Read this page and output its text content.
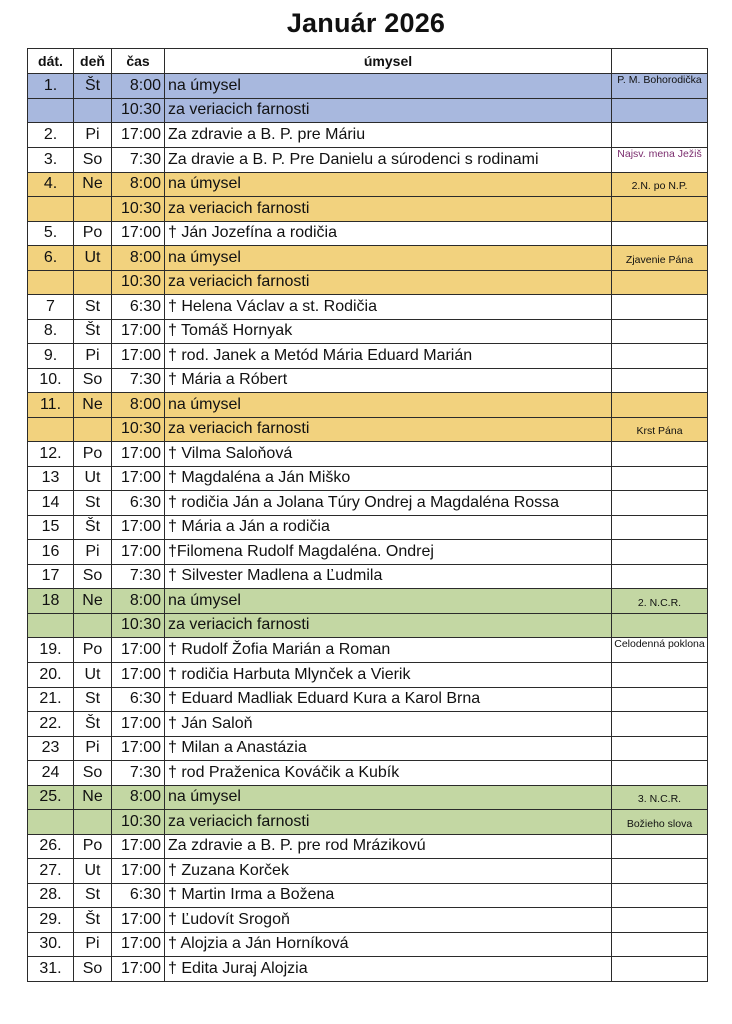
Január 2026
dát.	deň	čas	úmysel	
1.	Št	8:00	na úmysel	P. M. Bohorodička

		10:30	za veriacich farnosti	

2.	Pi	17:00	Za zdravie a B. P. pre Máriu	

3.	So	7:30	Za dravie a B. P. Pre Danielu a súrodenci s rodinami	Najsv. mena Ježiš

4.	Ne	8:00	na úmysel	2.N. po N.P.

		10:30	za veriacich farnosti	

5.	Po	17:00	† Ján Jozefína a rodičia	

6.	Ut	8:00	na úmysel	Zjavenie Pána

		10:30	za veriacich farnosti	

7	St	6:30	† Helena Václav a st. Rodičia	

8.	Št	17:00	† Tomáš Hornyak	

9.	Pi	17:00	† rod. Janek a Metód Mária Eduard Marián	

10.	So	7:30	† Mária a Róbert	

11.	Ne	8:00	na úmysel	

		10:30	za veriacich farnosti	Krst Pána

12.	Po	17:00	† Vilma Saloňová	

13	Ut	17:00	† Magdaléna a Ján Miško	

14	St	6:30	† rodičia Ján a Jolana Túry Ondrej a Magdaléna Rossa	

15	Št	17:00	† Mária a Ján a rodičia	

16	Pi	17:00	†Filomena Rudolf Magdaléna. Ondrej	

17	So	7:30	† Silvester Madlena a Ľudmila	

18	Ne	8:00	na úmysel	2. N.C.R.

		10:30	za veriacich farnosti	

19.	Po	17:00	† Rudolf Žofia Marián a Roman	Celodenná poklona

20.	Ut	17:00	† rodičia Harbuta Mlynček a Vierik	

21.	St	6:30	† Eduard Madliak Eduard Kura a Karol Brna	

22.	Št	17:00	† Ján Saloň	

23	Pi	17:00	† Milan a Anastázia	

24	So	7:30	† rod Praženica Kováčik a Kubík	

25.	Ne	8:00	na úmysel	3. N.C.R.

		10:30	za veriacich farnosti	Božieho slova

26.	Po	17:00	Za zdravie a B. P. pre rod Mrázikovú	

27.	Ut	17:00	† Zuzana Korček	

28.	St	6:30	† Martin Irma a Božena	

29.	Št	17:00	† Ľudovít Srogoň	

30.	Pi	17:00	† Alojzia a Ján Horníková	

31.	So	17:00	† Edita Juraj Alojzia	
